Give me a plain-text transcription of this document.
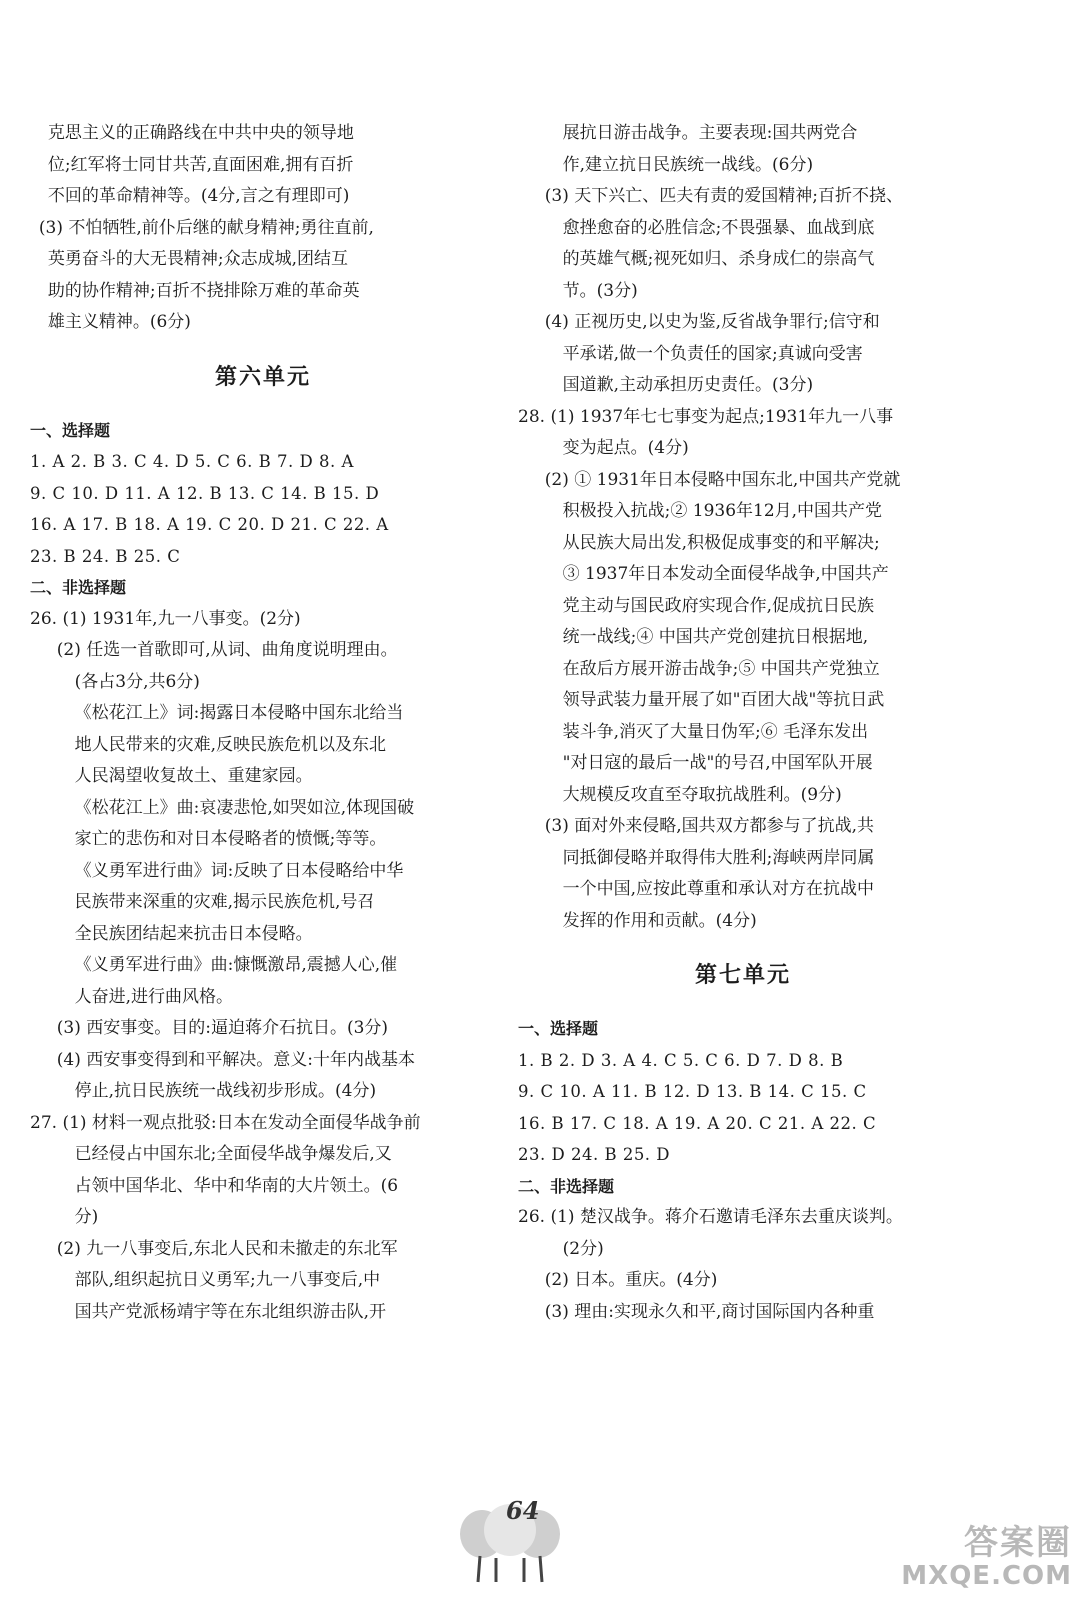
克思主义的正确路线在中共中央的领导地
位;红军将士同甘共苦,直面困难,拥有百折
不回的革命精神等。(4分,言之有理即可)
(3) 不怕牺牲,前仆后继的献身精神;勇往直前,
英勇奋斗的大无畏精神;众志成城,团结互
助的协作精神;百折不挠排除万难的革命英
雄主义精神。(6分)
第六单元
一、选择题
1. A 2. B 3. C 4. D 5. C 6. B 7. D 8. A
9. C 10. D 11. A 12. B 13. C 14. B 15. D
16. A 17. B 18. A 19. C 20. D 21. C 22. A
23. B 24. B 25. C
二、非选择题
26. (1) 1931年,九一八事变。(2分)
(2) 任选一首歌即可,从词、曲角度说明理由。
(各占3分,共6分)
《松花江上》词:揭露日本侵略中国东北给当
地人民带来的灾难,反映民族危机以及东北
人民渴望收复故土、重建家园。
《松花江上》曲:哀凄悲怆,如哭如泣,体现国破
家亡的悲伤和对日本侵略者的愤慨;等等。
《义勇军进行曲》词:反映了日本侵略给中华
民族带来深重的灾难,揭示民族危机,号召
全民族团结起来抗击日本侵略。
《义勇军进行曲》曲:慷慨激昂,震撼人心,催
人奋进,进行曲风格。
(3) 西安事变。目的:逼迫蒋介石抗日。(3分)
(4) 西安事变得到和平解决。意义:十年内战基本
停止,抗日民族统一战线初步形成。(4分)
27. (1) 材料一观点批驳:日本在发动全面侵华战争前
已经侵占中国东北;全面侵华战争爆发后,又
占领中国华北、华中和华南的大片领土。(6
分)
(2) 九一八事变后,东北人民和未撤走的东北军
部队,组织起抗日义勇军;九一八事变后,中
国共产党派杨靖宇等在东北组织游击队,开
展抗日游击战争。主要表现:国共两党合
作,建立抗日民族统一战线。(6分)
(3) 天下兴亡、匹夫有责的爱国精神;百折不挠、
愈挫愈奋的必胜信念;不畏强暴、血战到底
的英雄气概;视死如归、杀身成仁的崇高气
节。(3分)
(4) 正视历史,以史为鉴,反省战争罪行;信守和
平承诺,做一个负责任的国家;真诚向受害
国道歉,主动承担历史责任。(3分)
28. (1) 1937年七七事变为起点;1931年九一八事
变为起点。(4分)
(2) ① 1931年日本侵略中国东北,中国共产党就
积极投入抗战;② 1936年12月,中国共产党
从民族大局出发,积极促成事变的和平解决;
③ 1937年日本发动全面侵华战争,中国共产
党主动与国民政府实现合作,促成抗日民族
统一战线;④ 中国共产党创建抗日根据地,
在敌后方展开游击战争;⑤ 中国共产党独立
领导武装力量开展了如"百团大战"等抗日武
装斗争,消灭了大量日伪军;⑥ 毛泽东发出
"对日寇的最后一战"的号召,中国军队开展
大规模反攻直至夺取抗战胜利。(9分)
(3) 面对外来侵略,国共双方都参与了抗战,共
同抵御侵略并取得伟大胜利;海峡两岸同属
一个中国,应按此尊重和承认对方在抗战中
发挥的作用和贡献。(4分)
第七单元
一、选择题
1. B 2. D 3. A 4. C 5. C 6. D 7. D 8. B
9. C 10. A 11. B 12. D 13. B 14. C 15. C
16. B 17. C 18. A 19. A 20. C 21. A 22. C
23. D 24. B 25. D
二、非选择题
26. (1) 楚汉战争。蒋介石邀请毛泽东去重庆谈判。
(2分)
(2) 日本。重庆。(4分)
(3) 理由:实现永久和平,商讨国际国内各种重
64
答案圈
MXQE.COM
